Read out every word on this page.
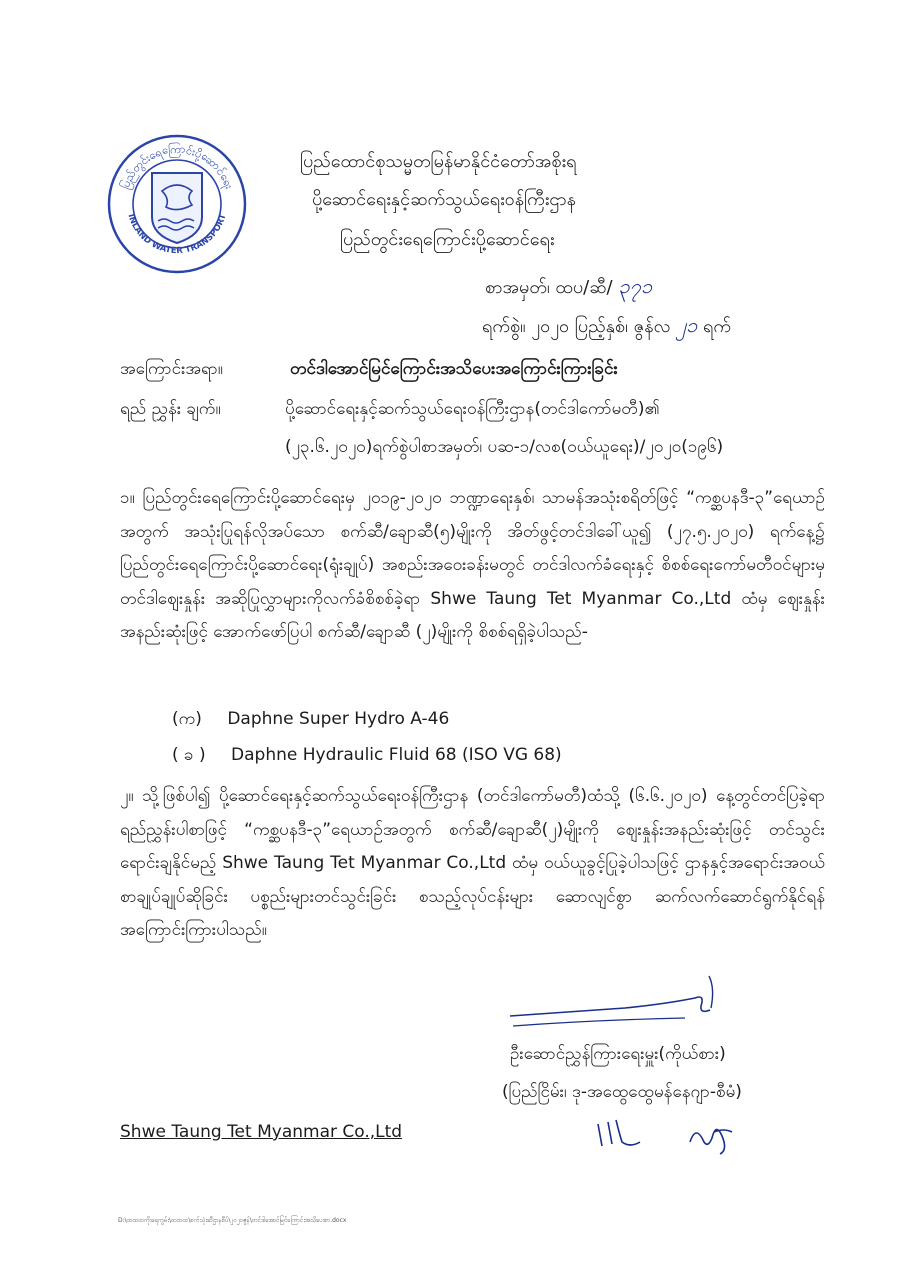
ပြည်တွင်းရေကြောင်းပို့ဆောင်ရေး
INLAND WATER TRANSPORT
ပြည်ထောင်စုသမ္မတမြန်မာနိုင်ငံတော်အစိုးရ
ပို့ဆောင်ရေးနှင့်ဆက်သွယ်ရေးဝန်ကြီးဌာန
ပြည်တွင်းရေကြောင်းပို့ဆောင်ရေး
စာအမှတ်၊ ထပ/ဆီ/ ၃၇၁
ရက်စွဲ။ ၂၀၂၀ ပြည့်နှစ်၊ ဇွန်လ ၂၁ ရက်
အကြောင်းအရာ။	တင်ဒါအောင်မြင်ကြောင်းအသိပေးအကြောင်းကြားခြင်း
ရည် ညွှန်း ချက်။	ပို့ဆောင်ရေးနှင့်ဆက်သွယ်ရေးဝန်ကြီးဌာန(တင်ဒါကော်မတီ)၏
(၂၃.၆.၂၀၂၀)ရက်စွဲပါစာအမှတ်၊ ပဆ-၁/လစ(ဝယ်ယူရေး)/၂၀၂၀(၁၉၆)

၁။ ပြည်တွင်းရေကြောင်းပို့ဆောင်ရေးမှ ၂၀၁၉-၂၀၂၀ ဘဏ္ဍာရေးနှစ်၊ သာမန်အသုံးစရိတ်ဖြင့် “ကစ္ဆပနဒီ-၃”ရေယာဉ်အတွက် အသုံးပြုရန်လိုအပ်သော စက်ဆီ/ချောဆီ(၅)မျိုးကို အိတ်ဖွင့်တင်ဒါခေါ်ယူ၍ (၂၇.၅.၂၀၂၀) ရက်နေ့၌ ပြည်တွင်းရေကြောင်းပို့ဆောင်ရေး(ရုံးချုပ်) အစည်းအဝေးခန်းမတွင် တင်ဒါလက်ခံရေးနှင့် စိစစ်ရေးကော်မတီဝင်များမှ တင်ဒါဈေးနှုန်း အဆိုပြုလွှာများကိုလက်ခံစိစစ်ခဲ့ရာ Shwe Taung Tet Myanmar Co.,Ltd ထံမှ ဈေးနှုန်းအနည်းဆုံးဖြင့် အောက်ဖော်ပြပါ စက်ဆီ/ချောဆီ (၂)မျိုးကို စိစစ်ရရှိခဲ့ပါသည်-

(က) Daphne Super Hydro A-46
( ခ ) Daphne Hydraulic Fluid 68 (ISO VG 68)

၂။ သို့ဖြစ်ပါ၍ ပို့ဆောင်ရေးနှင့်ဆက်သွယ်ရေးဝန်ကြီးဌာန (တင်ဒါကော်မတီ)ထံသို့ (၆.၆.၂၀၂၀) နေ့တွင်တင်ပြခဲ့ရာ ရည်ညွှန်းပါစာဖြင့် “ကစ္ဆပနဒီ-၃”ရေယာဉ်အတွက် စက်ဆီ/ချောဆီ(၂)မျိုးကို ဈေးနှုန်းအနည်းဆုံးဖြင့် တင်သွင်းရောင်းချနိုင်မည့် Shwe Taung Tet Myanmar Co.,Ltd ထံမှ ဝယ်ယူခွင့်ပြုခဲ့ပါသဖြင့် ဌာနနှင့်အရောင်းအဝယ် စာချုပ်ချုပ်ဆိုခြင်း ပစ္စည်းများတင်သွင်းခြင်း စသည့်လုပ်ငန်းများ ဆောလျင်စွာ ဆက်လက်ဆောင်ရွက်နိုင်ရန် အကြောင်းကြားပါသည်။

ဦးဆောင်ညွှန်ကြားရေးမှူး(ကိုယ်စား)
(ပြည်ငြိမ်း၊ ဒု-အထွေထွေမန်နေဂျာ-စီမံ)
Shwe Taung Tet Myanmar Co.,Ltd
D:\ထထထကိုးရေကွမ်း\ထထထ\စက်သုံးဆီဌာနစီပ်\၂၀၂၀ဇွန်\တင်ဒါအောင်မြင်ကြောင်းအသိပေးစာ.docx
